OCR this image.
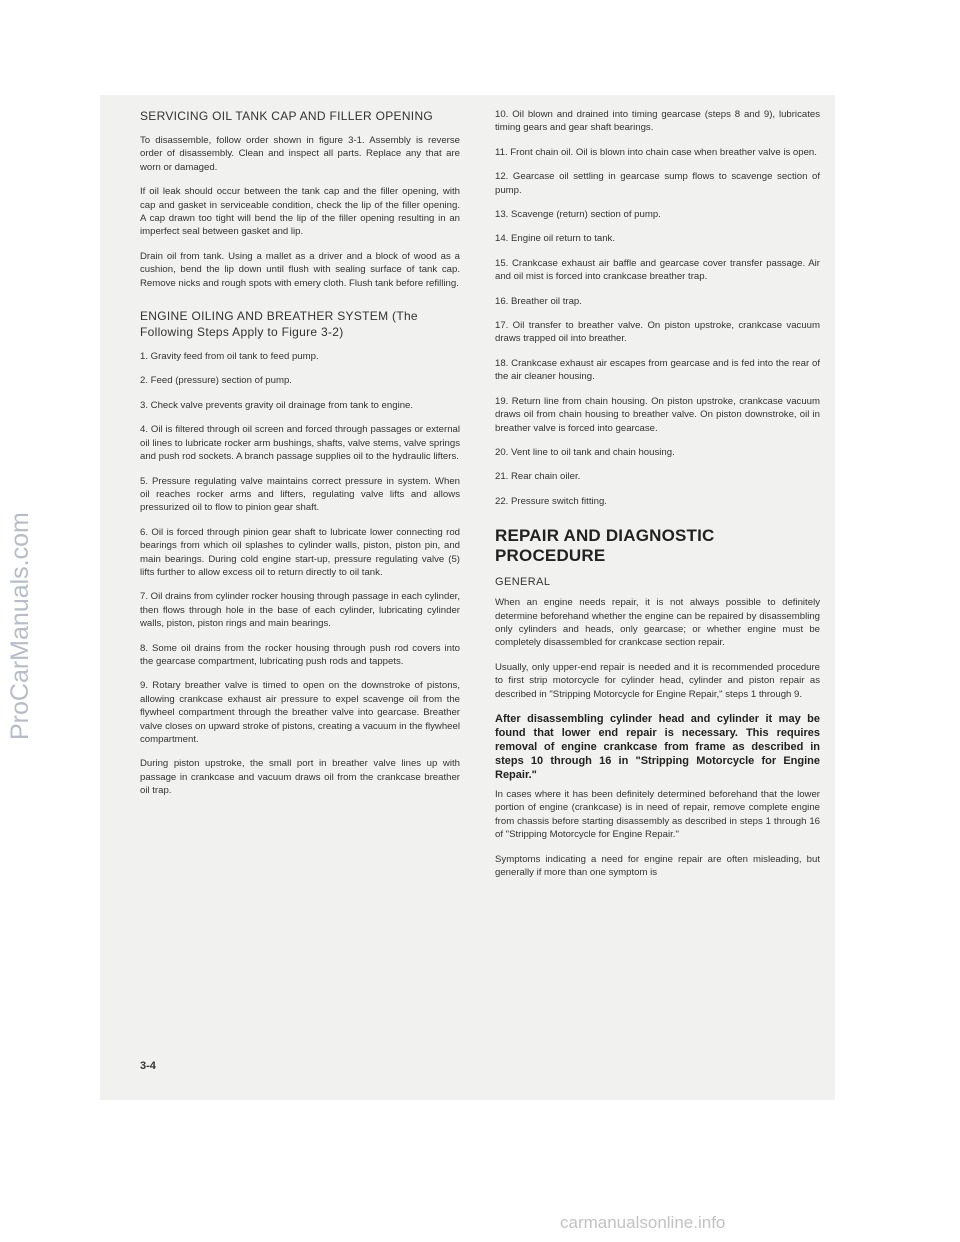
ProCarManuals.com
SERVICING OIL TANK CAP AND FILLER OPENING

To disassemble, follow order shown in figure 3-1. Assembly is reverse order of disassembly. Clean and inspect all parts. Replace any that are worn or damaged.

If oil leak should occur between the tank cap and the filler opening, with cap and gasket in serviceable condition, check the lip of the filler opening. A cap drawn too tight will bend the lip of the filler opening resulting in an imperfect seal between gasket and lip.

Drain oil from tank. Using a mallet as a driver and a block of wood as a cushion, bend the lip down until flush with sealing surface of tank cap. Remove nicks and rough spots with emery cloth. Flush tank before refilling.

ENGINE OILING AND BREATHER SYSTEM (The Following Steps Apply to Figure 3-2)

1. Gravity feed from oil tank to feed pump.

2. Feed (pressure) section of pump.

3. Check valve prevents gravity oil drainage from tank to engine.

4. Oil is filtered through oil screen and forced through passages or external oil lines to lubricate rocker arm bushings, shafts, valve stems, valve springs and push rod sockets. A branch passage supplies oil to the hydraulic lifters.

5. Pressure regulating valve maintains correct pressure in system. When oil reaches rocker arms and lifters, regulating valve lifts and allows pressurized oil to flow to pinion gear shaft.

6. Oil is forced through pinion gear shaft to lubricate lower connecting rod bearings from which oil splashes to cylinder walls, piston, piston pin, and main bearings. During cold engine start-up, pressure regulating valve (5) lifts further to allow excess oil to return directly to oil tank.

7. Oil drains from cylinder rocker housing through passage in each cylinder, then flows through hole in the base of each cylinder, lubricating cylinder walls, piston, piston rings and main bearings.

8. Some oil drains from the rocker housing through push rod covers into the gearcase compartment, lubricating push rods and tappets.

9. Rotary breather valve is timed to open on the downstroke of pistons, allowing crankcase exhaust air pressure to expel scavenge oil from the flywheel compartment through the breather valve into gearcase. Breather valve closes on upward stroke of pistons, creating a vacuum in the flywheel compartment.

During piston upstroke, the small port in breather valve lines up with passage in crankcase and vacuum draws oil from the crankcase breather oil trap.

10. Oil blown and drained into timing gearcase (steps 8 and 9), lubricates timing gears and gear shaft bearings.

11. Front chain oil. Oil is blown into chain case when breather valve is open.

12. Gearcase oil settling in gearcase sump flows to scavenge section of pump.

13. Scavenge (return) section of pump.

14. Engine oil return to tank.

15. Crankcase exhaust air baffle and gearcase cover transfer passage. Air and oil mist is forced into crankcase breather trap.

16. Breather oil trap.

17. Oil transfer to breather valve. On piston upstroke, crankcase vacuum draws trapped oil into breather.

18. Crankcase exhaust air escapes from gearcase and is fed into the rear of the air cleaner housing.

19. Return line from chain housing. On piston upstroke, crankcase vacuum draws oil from chain housing to breather valve. On piston downstroke, oil in breather valve is forced into gearcase.

20. Vent line to oil tank and chain housing.

21. Rear chain oiler.

22. Pressure switch fitting.

REPAIR AND DIAGNOSTIC PROCEDURE
GENERAL

When an engine needs repair, it is not always possible to definitely determine beforehand whether the engine can be repaired by disassembling only cylinders and heads, only gearcase; or whether engine must be completely disassembled for crankcase section repair.

Usually, only upper-end repair is needed and it is recommended procedure to first strip motorcycle for cylinder head, cylinder and piston repair as described in "Stripping Motorcycle for Engine Repair," steps 1 through 9.

After disassembling cylinder head and cylinder it may be found that lower end repair is necessary. This requires removal of engine crankcase from frame as described in steps 10 through 16 in "Stripping Motorcycle for Engine Repair."

In cases where it has been definitely determined beforehand that the lower portion of engine (crankcase) is in need of repair, remove complete engine from chassis before starting disassembly as described in steps 1 through 16 of "Stripping Motorcycle for Engine Repair."

Symptoms indicating a need for engine repair are often misleading, but generally if more than one symptom is

3-4
carmanualsonline.info
